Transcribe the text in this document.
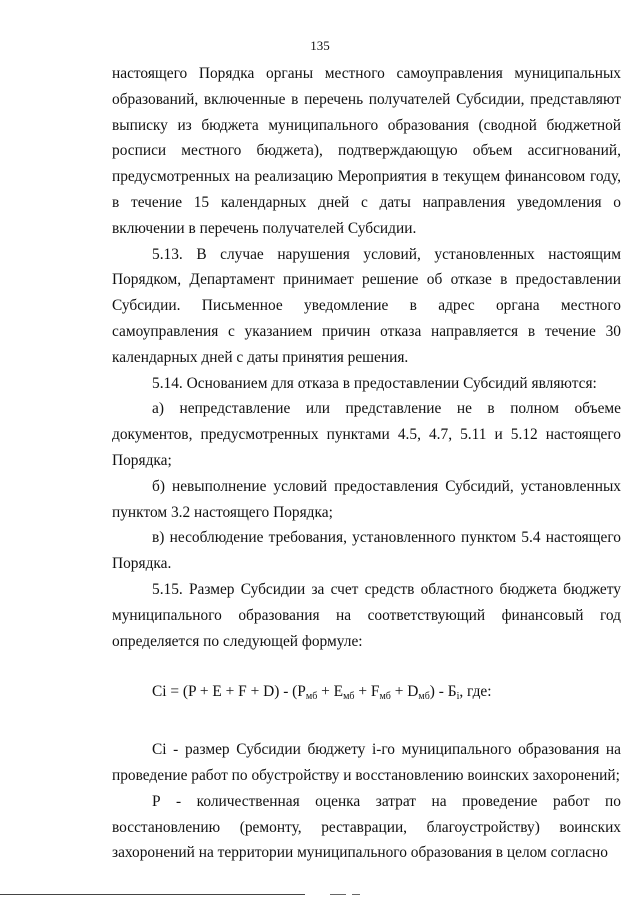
135

настоящего Порядка органы местного самоуправления муниципальных образований, включенные в перечень получателей Субсидии, представляют выписку из бюджета муниципального образования (сводной бюджетной росписи местного бюджета), подтверждающую объем ассигнований, предусмотренных на реализацию Мероприятия в текущем финансовом году, в течение 15 календарных дней с даты направления уведомления о включении в перечень получателей Субсидии.

5.13. В случае нарушения условий, установленных настоящим Порядком, Департамент принимает решение об отказе в предоставлении Субсидии. Письменное уведомление в адрес органа местного самоуправления с указанием причин отказа направляется в течение 30 календарных дней с даты принятия решения.

5.14. Основанием для отказа в предоставлении Субсидий являются:

а) непредставление или представление не в полном объеме документов, предусмотренных пунктами 4.5, 4.7, 5.11 и 5.12 настоящего Порядка;

б) невыполнение условий предоставления Субсидий, установленных пунктом 3.2 настоящего Порядка;

в) несоблюдение требования, установленного пунктом 5.4 настоящего Порядка.

5.15. Размер Субсидии за счет средств областного бюджета бюджету муниципального образования на соответствующий финансовый год определяется по следующей формуле:

Сi = $(P + E + F + D) - (P_{мб} + E_{мб} + F_{мб} + D_{мб}) - Б_i$, где:

Сi - размер Субсидии бюджету i-го муниципального образования на проведение работ по обустройству и восстановлению воинских захоронений;

Р - количественная оценка затрат на проведение работ по восстановлению (ремонту, реставрации, благоустройству) воинских захоронений на территории муниципального образования в целом согласно
